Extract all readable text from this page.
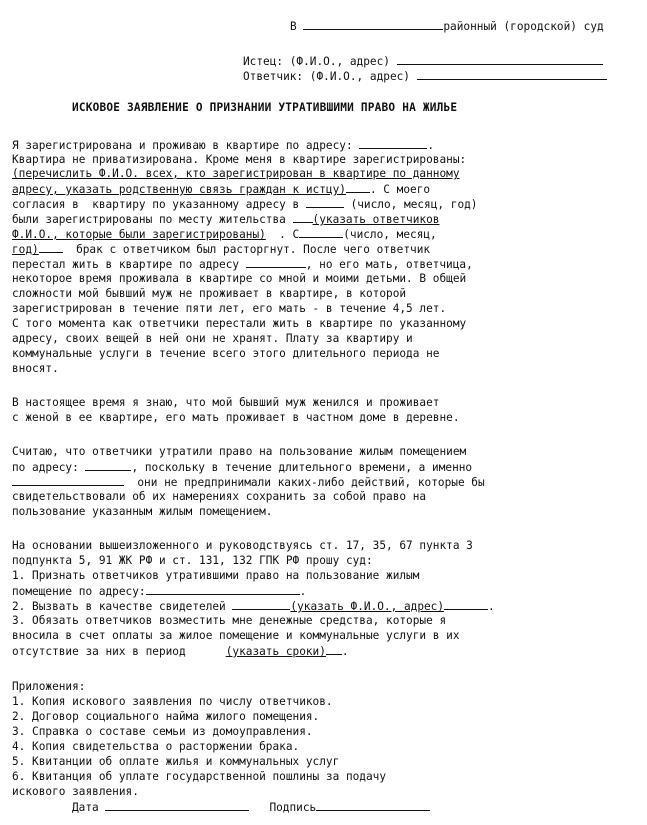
В	районный (городской) суд
Истец: (Ф.И.О., адрес)
Ответчик: (Ф.И.О., адрес)
ИСКОВОЕ ЗАЯВЛЕНИЕ О ПРИЗНАНИИ УТРАТИВШИМИ ПРАВО НА ЖИЛЬЕ
Я зарегистрирована и проживаю в квартире по адресу:	.
Квартира не приватизирована. Кроме меня в квартире зарегистрированы:
(перечислить Ф.И.О. всех, кто зарегистрирован в квартире по данному
адресу, указать родственную связь граждан к истцу) . С моего
согласия в  квартиру по указанному адресу в	(число, месяц, год)
были зарегистрированы по месту жительства (указать ответчиков
Ф.И.О., которые были зарегистрированы) . С	(число, месяц,
год)	брак с ответчиком был расторгнут. После чего ответчик
перестал жить в квартире по адресу	, но его мать, ответчица,
некоторое время проживала в квартире со мной и моими детьми. В общей
сложности мой бывший муж не проживает в квартире, в которой
зарегистрирован в течение пяти лет, его мать - в течение 4,5 лет.
С того момента как ответчики перестали жить в квартире по указанному
адресу, своих вещей в ней они не хранят. Плату за квартиру и
коммунальные услуги в течение всего этого длительного периода не
вносят.
В настоящее время я знаю, что мой бывший муж женился и проживает
с женой в ее квартире, его мать проживает в частном доме в деревне.
Считаю, что ответчики утратили право на пользование жилым помещением
по адресу:	, поскольку в течение длительного времени, а именно
они не предпринимали каких-либо действий, которые бы
свидетельствовали об их намерениях сохранить за собой право на
пользование указанным жилым помещением.
На основании вышеизложенного и руководствуясь ст. 17, 35, 67 пункта 3
подпункта 5, 91 ЖК РФ и ст. 131, 132 ГПК РФ прошу суд:
1. Признать ответчиков утратившими право на пользование жилым
помещение по адресу:	.
2. Вызвать в качестве свидетелей	(указать Ф.И.О., адрес)	.
3. Обязать ответчиков возместить мне денежные средства, которые я
вносила в счет оплаты за жилое помещение и коммунальные услуги в их
отсутствие за них в период	(указать сроки) .
Приложения:
1. Копия искового заявления по числу ответчиков.
2. Договор социального найма жилого помещения.
3. Справка о составе семьи из домоуправления.
4. Копия свидетельства о расторжении брака.
5. Квитанции об оплате жилья и коммунальных услуг
6. Квитанция об уплате государственной пошлины за подачу
искового заявления.
Дата	Подпись
